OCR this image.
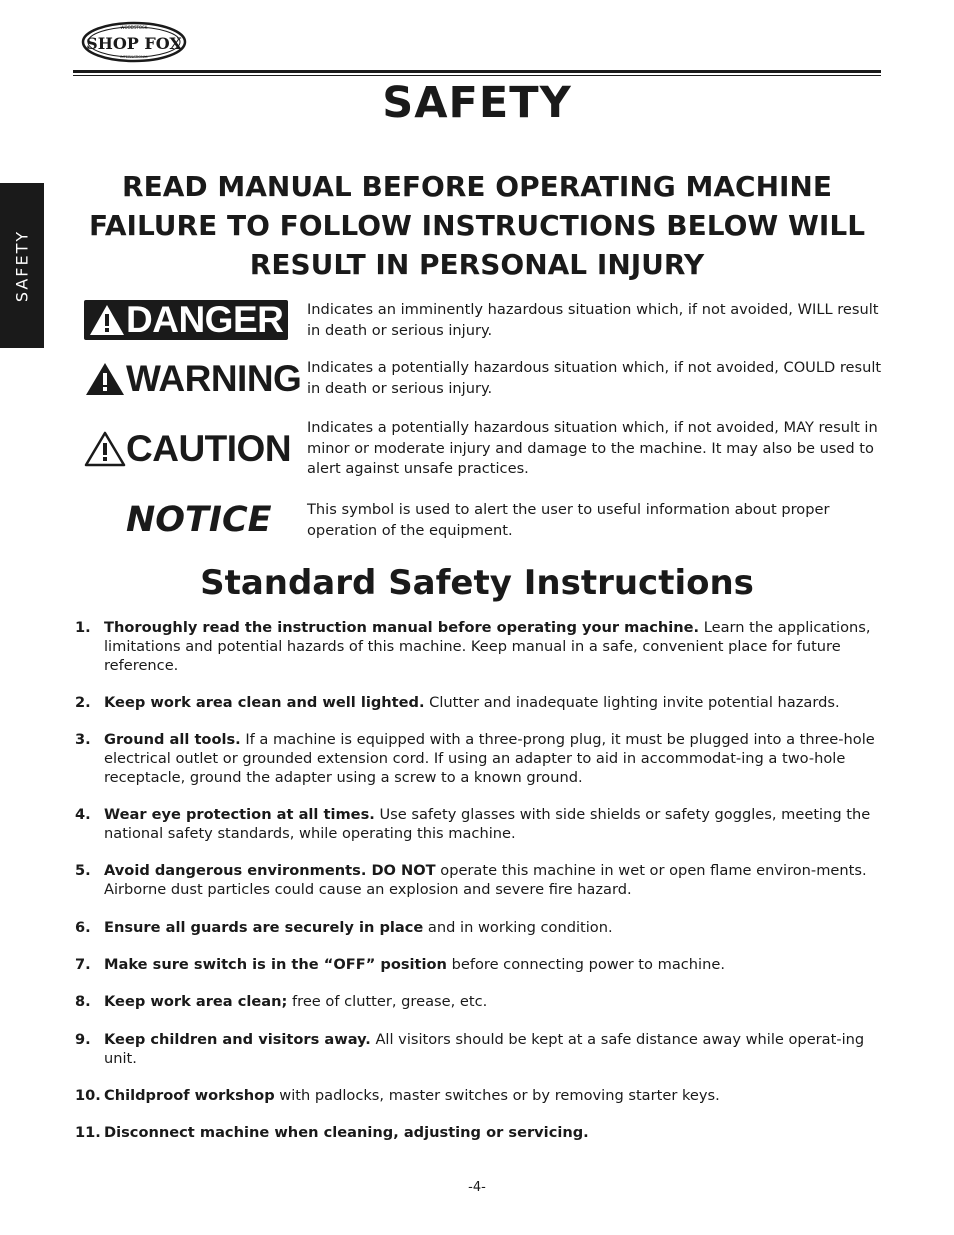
WOODSTOCK
SHOP FOX
INTERNATIONAL
SAFETY
SAFETY
READ MANUAL BEFORE OPERATING MACHINE
FAILURE TO FOLLOW INSTRUCTIONS BELOW WILL
RESULT IN PERSONAL INJURY
DANGER Indicates an imminently hazardous situation which, if not avoided, WILL result in death or serious injury.
WARNING Indicates a potentially hazardous situation which, if not avoided, COULD result in death or serious injury.
CAUTION
Indicates a potentially hazardous situation which, if not avoided, MAY result in minor or moderate injury and damage to the machine. It may also be used to alert against unsafe practices.
NOTICE	This symbol is used to alert the user to useful information about proper operation of the equipment.
Standard Safety Instructions
1. Thoroughly read the instruction manual before operating your machine. Learn the applications, limitations and potential hazards of this machine. Keep manual in a safe, convenient place for future reference.
2. Keep work area clean and well lighted. Clutter and inadequate lighting invite potential hazards.
3. Ground all tools. If a machine is equipped with a three-prong plug, it must be plugged into a three-hole electrical outlet or grounded extension cord. If using an adapter to aid in accommodat-ing a two-hole receptacle, ground the adapter using a screw to a known ground.
4. Wear eye protection at all times. Use safety glasses with side shields or safety goggles, meeting the national safety standards, while operating this machine.
5. Avoid dangerous environments. DO NOT operate this machine in wet or open flame environ-ments. Airborne dust particles could cause an explosion and severe fire hazard.
6. Ensure all guards are securely in place and in working condition.
7. Make sure switch is in the “OFF” position before connecting power to machine.
8. Keep work area clean; free of clutter, grease, etc.
9. Keep children and visitors away. All visitors should be kept at a safe distance away while operat-ing unit.
10. Childproof workshop with padlocks, master switches or by removing starter keys.
11. Disconnect machine when cleaning, adjusting or servicing.
-4-
